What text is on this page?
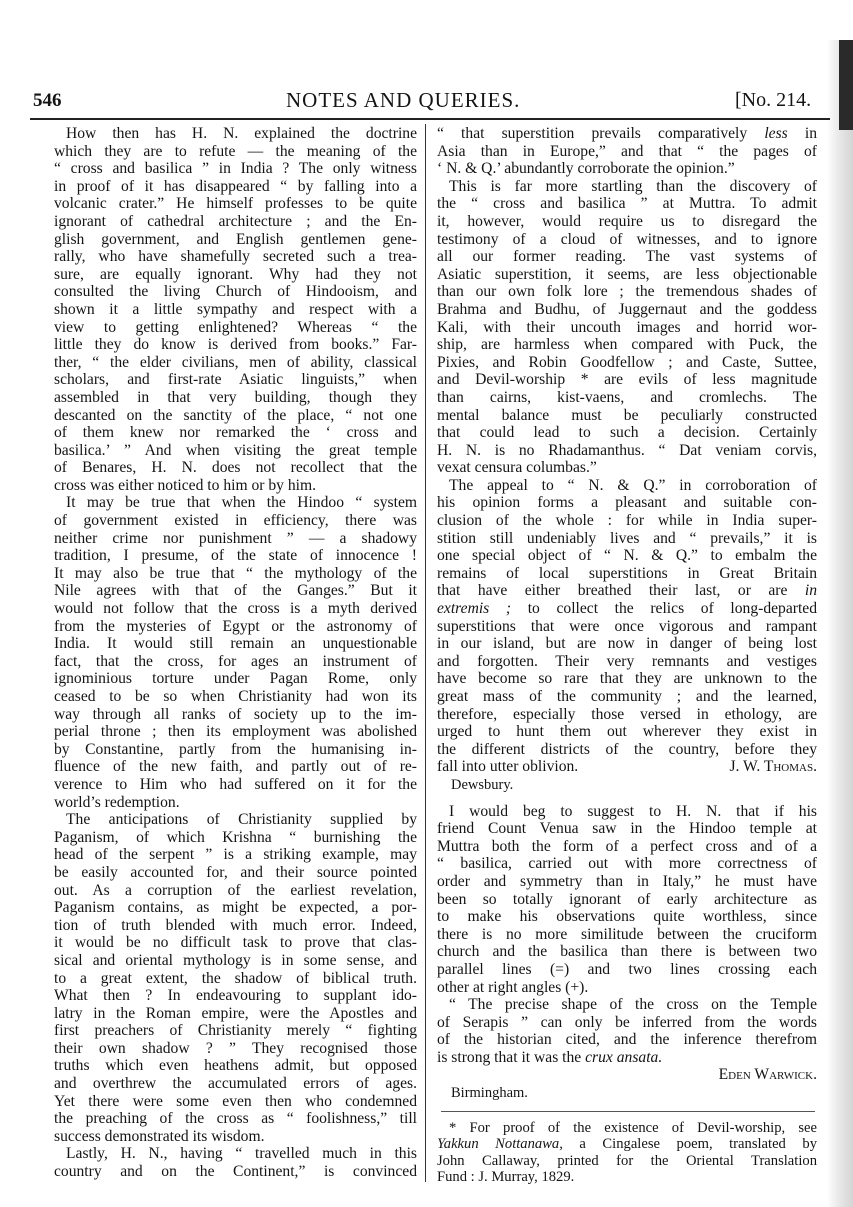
546	NOTES AND QUERIES.	[No. 214.
How then has H. N. explained the doctrine
which they are to refute — the meaning of the
“ cross and basilica ” in India ? The only witness
in proof of it has disappeared “ by falling into a
volcanic crater.” He himself professes to be quite
ignorant of cathedral architecture ; and the En-
glish government, and English gentlemen gene-
rally, who have shamefully secreted such a trea-
sure, are equally ignorant. Why had they not
consulted the living Church of Hindooism, and
shown it a little sympathy and respect with a
view to getting enlightened? Whereas “ the
little they do know is derived from books.” Far-
ther, “ the elder civilians, men of ability, classical
scholars, and first-rate Asiatic linguists,” when
assembled in that very building, though they
descanted on the sanctity of the place, “ not one
of them knew nor remarked the ‘ cross and
basilica.’ ” And when visiting the great temple
of Benares, H. N. does not recollect that the
cross was either noticed to him or by him.
It may be true that when the Hindoo “ system
of government existed in efficiency, there was
neither crime nor punishment ” — a shadowy
tradition, I presume, of the state of innocence !
It may also be true that “ the mythology of the
Nile agrees with that of the Ganges.” But it
would not follow that the cross is a myth derived
from the mysteries of Egypt or the astronomy of
India. It would still remain an unquestionable
fact, that the cross, for ages an instrument of
ignominious torture under Pagan Rome, only
ceased to be so when Christianity had won its
way through all ranks of society up to the im-
perial throne ; then its employment was abolished
by Constantine, partly from the humanising in-
fluence of the new faith, and partly out of re-
verence to Him who had suffered on it for the
world’s redemption.
The anticipations of Christianity supplied by
Paganism, of which Krishna “ burnishing the
head of the serpent ” is a striking example, may
be easily accounted for, and their source pointed
out. As a corruption of the earliest revelation,
Paganism contains, as might be expected, a por-
tion of truth blended with much error. Indeed,
it would be no difficult task to prove that clas-
sical and oriental mythology is in some sense, and
to a great extent, the shadow of biblical truth.
What then ? In endeavouring to supplant ido-
latry in the Roman empire, were the Apostles and
first preachers of Christianity merely “ fighting
their own shadow ? ” They recognised those
truths which even heathens admit, but opposed
and overthrew the accumulated errors of ages.
Yet there were some even then who condemned
the preaching of the cross as “ foolishness,” till
success demonstrated its wisdom.
Lastly, H. N., having “ travelled much in this
country and on the Continent,” is convinced
“ that superstition prevails comparatively less in
Asia than in Europe,” and that “ the pages of
‘ N. & Q.’ abundantly corroborate the opinion.”
This is far more startling than the discovery of
the “ cross and basilica ” at Muttra. To admit
it, however, would require us to disregard the
testimony of a cloud of witnesses, and to ignore
all our former reading. The vast systems of
Asiatic superstition, it seems, are less objectionable
than our own folk lore ; the tremendous shades of
Brahma and Budhu, of Juggernaut and the goddess
Kali, with their uncouth images and horrid wor-
ship, are harmless when compared with Puck, the
Pixies, and Robin Goodfellow ; and Caste, Suttee,
and Devil-worship * are evils of less magnitude
than cairns, kist-vaens, and cromlechs. The
mental balance must be peculiarly constructed
that could lead to such a decision. Certainly
H. N. is no Rhadamanthus. “ Dat veniam corvis,
vexat censura columbas.”
The appeal to “ N. & Q.” in corroboration of
his opinion forms a pleasant and suitable con-
clusion of the whole : for while in India super-
stition still undeniably lives and “ prevails,” it is
one special object of “ N. & Q.” to embalm the
remains of local superstitions in Great Britain
that have either breathed their last, or are in
extremis ; to collect the relics of long-departed
superstitions that were once vigorous and rampant
in our island, but are now in danger of being lost
and forgotten. Their very remnants and vestiges
have become so rare that they are unknown to the
great mass of the community ; and the learned,
therefore, especially those versed in ethology, are
urged to hunt them out wherever they exist in
the different districts of the country, before they
fall into utter oblivion.	J. W. Thomas.
Dewsbury.
I would beg to suggest to H. N. that if his
friend Count Venua saw in the Hindoo temple at
Muttra both the form of a perfect cross and of a
“ basilica, carried out with more correctness of
order and symmetry than in Italy,” he must have
been so totally ignorant of early architecture as
to make his observations quite worthless, since
there is no more similitude between the cruciform
church and the basilica than there is between two
parallel lines (=) and two lines crossing each
other at right angles (+).
“ The precise shape of the cross on the Temple
of Serapis ” can only be inferred from the words
of the historian cited, and the inference therefrom
is strong that it was the crux ansata.
Eden Warwick.
Birmingham.
* For proof of the existence of Devil-worship, see
Yakkun Nottanawa, a Cingalese poem, translated by
John Callaway, printed for the Oriental Translation
Fund : J. Murray, 1829.
